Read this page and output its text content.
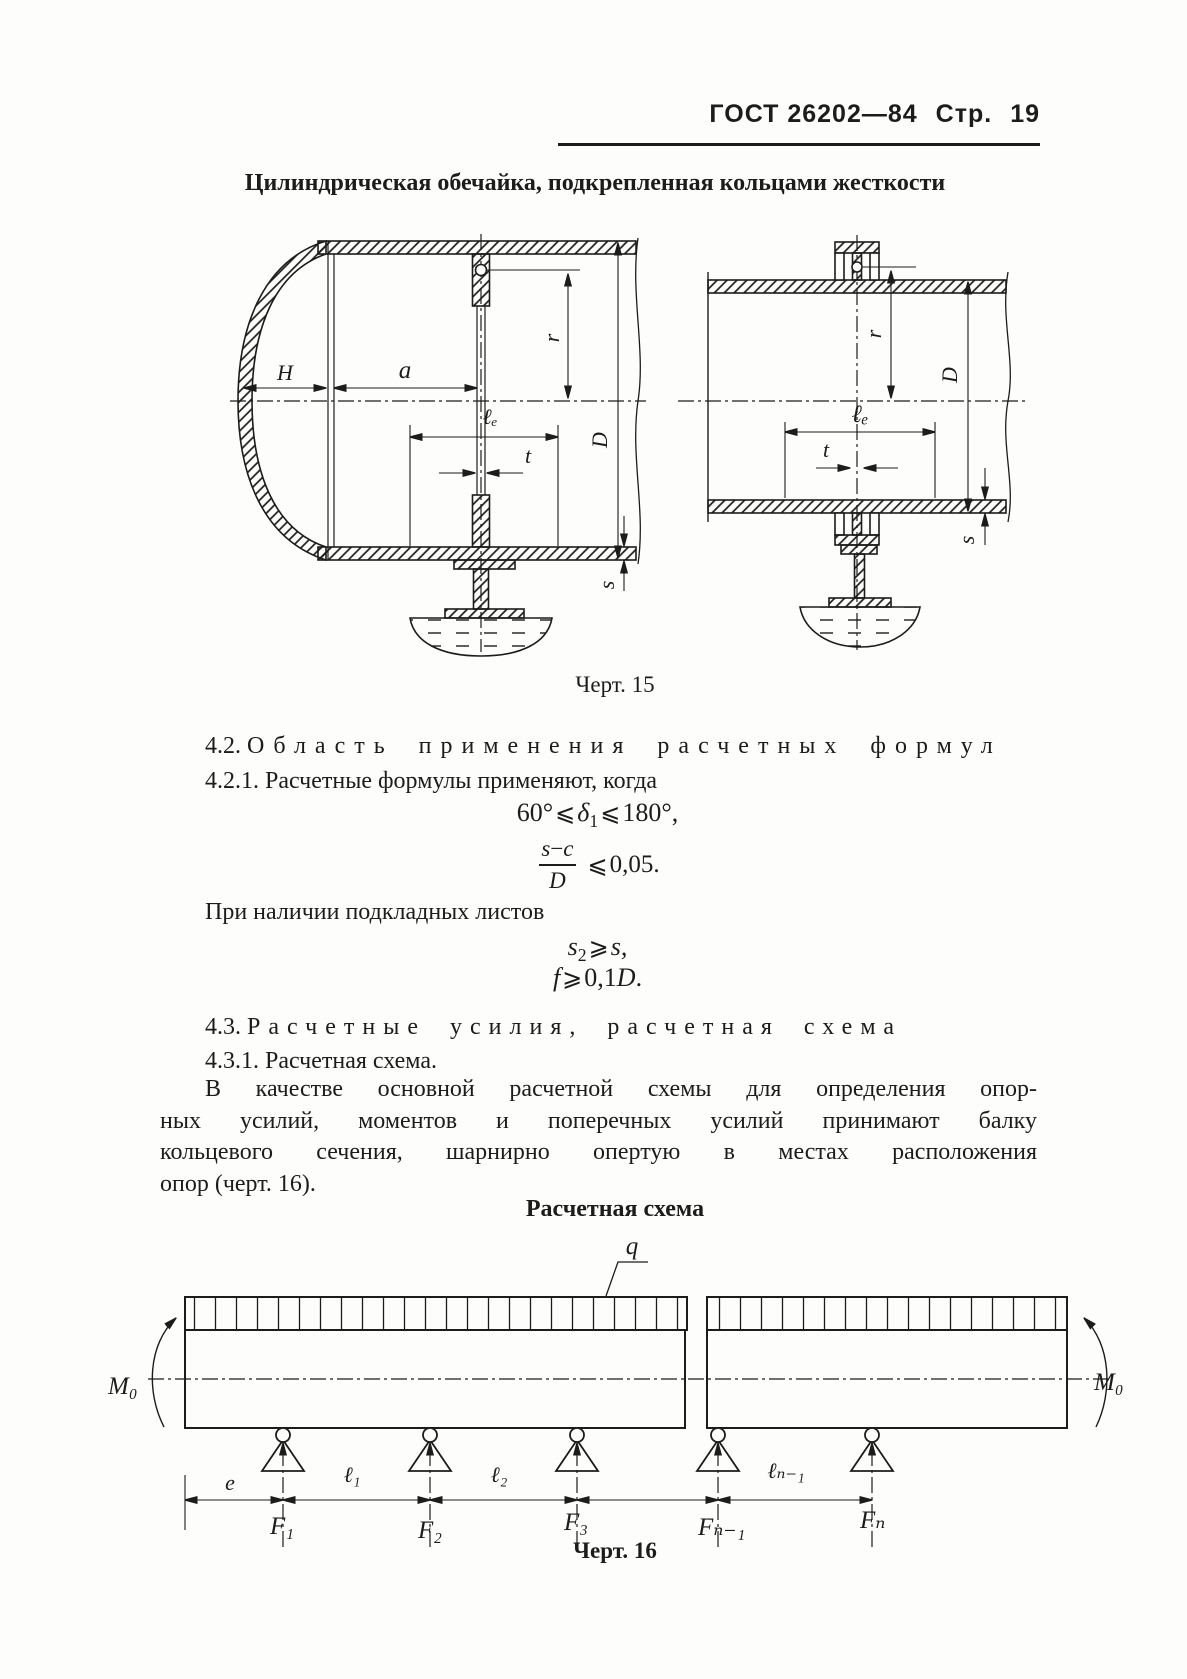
ГОСТ 26202—84 Стр. 19
Цилиндрическая обечайка, подкрепленная кольцами жесткости
H	a
r
ℓₑ
t
D
s
r
ℓₑ
t
D
s
Черт. 15
4.2. Область применения расчетных формул
4.2.1. Расчетные формулы применяют, когда
$60^\circ⩽\delta_1⩽180^\circ$,
$\frac{s-c}{D}$ ⩽ 0,05.
При наличии подкладных листов
$s_2⩾s$,
f⩾0,1D.
4.3. Расчетные усилия, расчетная схема
4.3.1. Расчетная схема.
В качестве основной расчетной схемы для определения опор-
ных усилий, моментов и поперечных усилий принимают балку
кольцевого сечения, шарнирно опертую в местах расположения
опор (черт. 16).
Расчетная схема
q
M₀	M₀
e	ℓ₁	ℓ₂	ℓₙ₋₁
F₁	F₂	F₃	Fₙ₋₁	Fₙ
Черт. 16
